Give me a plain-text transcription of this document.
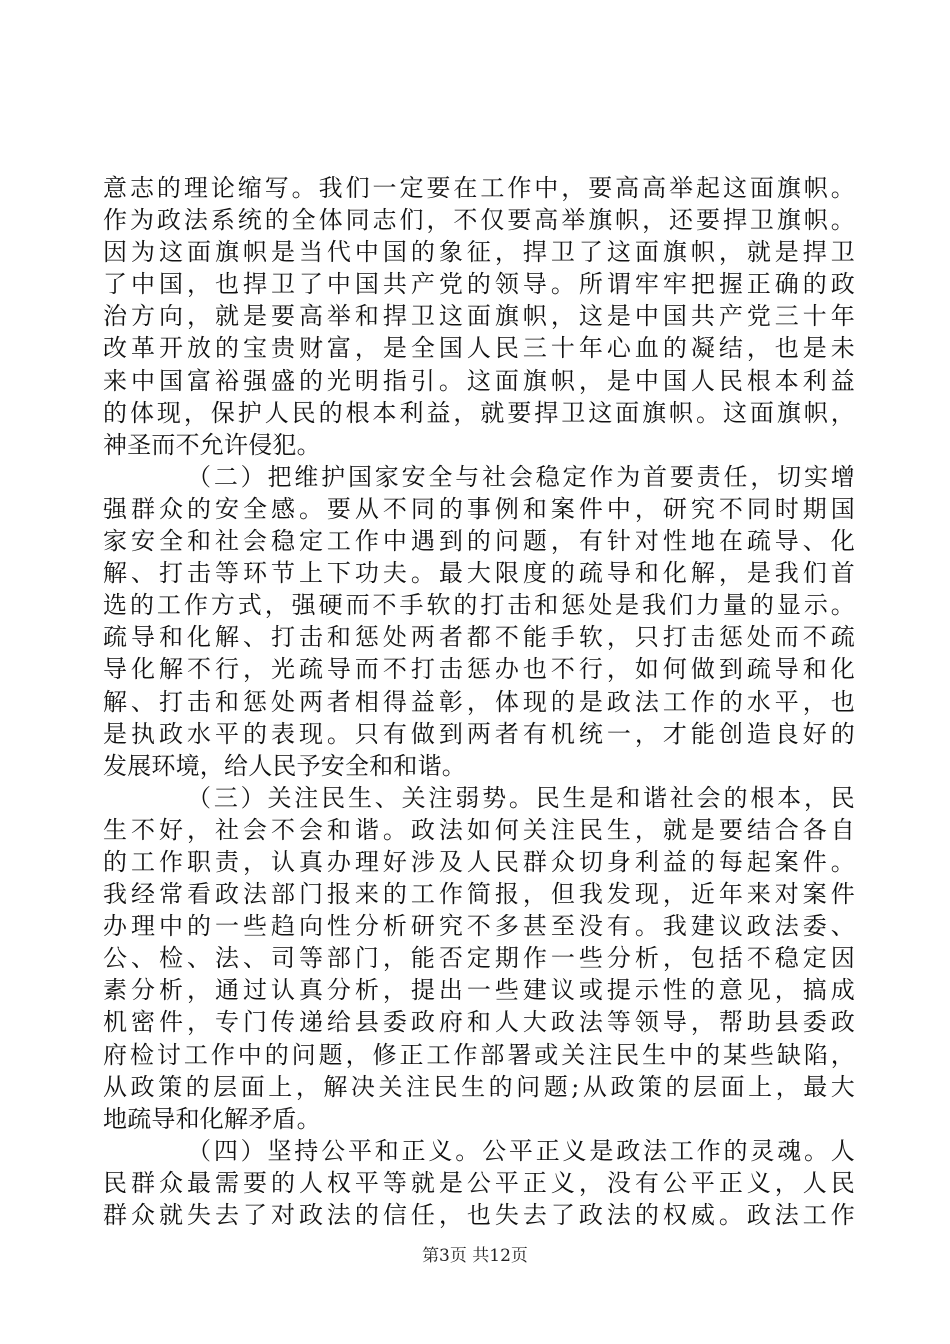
意志的理论缩写。我们一定要在工作中，要高高举起这面旗帜。
作为政法系统的全体同志们，不仅要高举旗帜，还要捍卫旗帜。
因为这面旗帜是当代中国的象征，捍卫了这面旗帜，就是捍卫
了中国，也捍卫了中国共产党的领导。所谓牢牢把握正确的政
治方向，就是要高举和捍卫这面旗帜，这是中国共产党三十年
改革开放的宝贵财富，是全国人民三十年心血的凝结，也是未
来中国富裕强盛的光明指引。这面旗帜，是中国人民根本利益
的体现，保护人民的根本利益，就要捍卫这面旗帜。这面旗帜，
神圣而不允许侵犯。
（二）把维护国家安全与社会稳定作为首要责任，切实增
强群众的安全感。要从不同的事例和案件中，研究不同时期国
家安全和社会稳定工作中遇到的问题，有针对性地在疏导、化
解、打击等环节上下功夫。最大限度的疏导和化解，是我们首
选的工作方式，强硬而不手软的打击和惩处是我们力量的显示。
疏导和化解、打击和惩处两者都不能手软，只打击惩处而不疏
导化解不行，光疏导而不打击惩办也不行，如何做到疏导和化
解、打击和惩处两者相得益彰，体现的是政法工作的水平，也
是执政水平的表现。只有做到两者有机统一，才能创造良好的
发展环境，给人民予安全和和谐。
（三）关注民生、关注弱势。民生是和谐社会的根本，民
生不好，社会不会和谐。政法如何关注民生，就是要结合各自
的工作职责，认真办理好涉及人民群众切身利益的每起案件。
我经常看政法部门报来的工作简报，但我发现，近年来对案件
办理中的一些趋向性分析研究不多甚至没有。我建议政法委、
公、检、法、司等部门，能否定期作一些分析，包括不稳定因
素分析，通过认真分析，提出一些建议或提示性的意见，搞成
机密件，专门传递给县委政府和人大政法等领导，帮助县委政
府检讨工作中的问题，修正工作部署或关注民生中的某些缺陷，
从政策的层面上，解决关注民生的问题;从政策的层面上，最大
地疏导和化解矛盾。
（四）坚持公平和正义。公平正义是政法工作的灵魂。人
民群众最需要的人权平等就是公平正义，没有公平正义，人民
群众就失去了对政法的信任，也失去了政法的权威。政法工作
第3页 共12页
